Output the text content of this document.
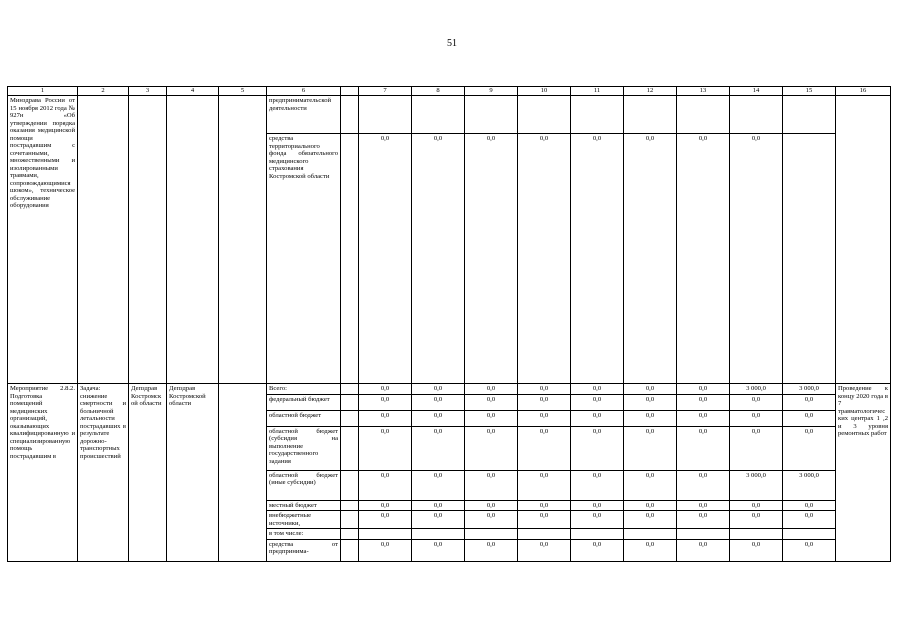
51
1	2	3	4	5	6		7	8	9	10	11	12	13	14	15	16
Минздрава России от 15 ноября 2012 года № 927н «Об утверждении порядка оказания медицинской помощи пострадавшим с сочетанными, множественными и изолированными травмами, сопровождающимися шоком», техническое обслуживание оборудования					предпринимательской деятельности											
					средства территориального фонда обязательного медицинского страхования Костромской области		0,0	0,0	0,0	0,0	0,0	0,0	0,0	0,0		
Мероприятие 2.8.2. Подготовка помещений медицинских организаций, оказывающих квалифицированную и специализированную помощь пострадавшим в	Задача: снижение смертности и больничной летальности пострадавших в результате дорожно-транспортных происшествий	Депздрав Костромской области	Депздрав Костромской области		Всего:		0,0	0,0	0,0	0,0	0,0	0,0	0,0	3 000,0	3 000,0	Проведение к концу 2020 года в 7 травматологических центрах 1 ,2 и 3 уровня ремонтных работ
					федеральный бюджет		0,0	0,0	0,0	0,0	0,0	0,0	0,0	0,0	0,0	
					областной бюджет		0,0	0,0	0,0	0,0	0,0	0,0	0,0	0,0	0,0	
					областной бюджет (субсидия на выполнение государственного задания		0,0	0,0	0,0	0,0	0,0	0,0	0,0	0,0	0,0	
					областной бюджет (иные субсидии)		0,0	0,0	0,0	0,0	0,0	0,0	0,0	3 000,0	3 000,0	
					местный бюджет		0,0	0,0	0,0	0,0	0,0	0,0	0,0	0,0	0,0	
					внебюджетные источники,		0,0	0,0	0,0	0,0	0,0	0,0	0,0	0,0	0,0	
					в том числе:											
					средства от предпринима-		0,0	0,0	0,0	0,0	0,0	0,0	0,0	0,0	0,0	
